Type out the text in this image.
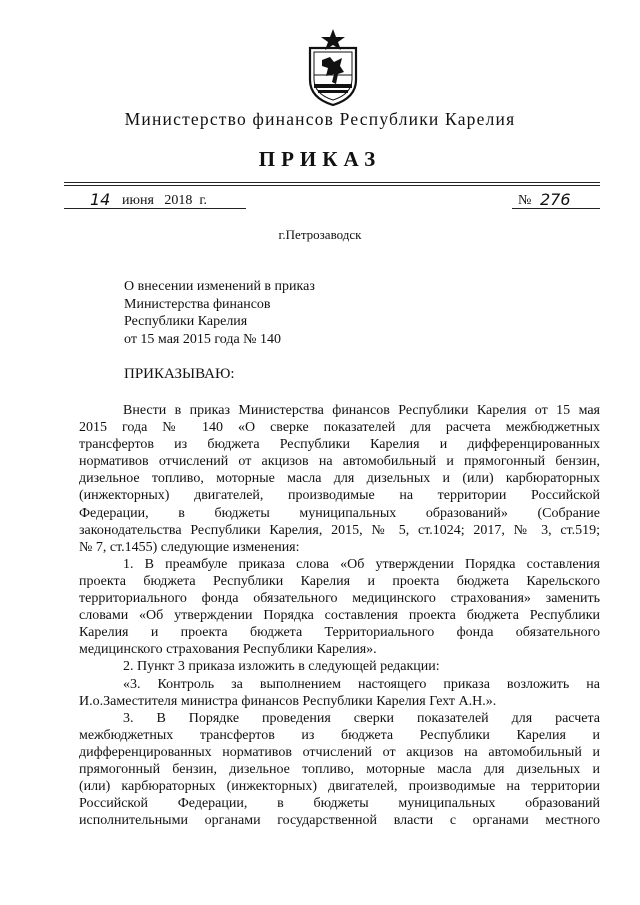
Министерство финансов Республики Карелия
ПРИКАЗ
14 июня   2018  г.	№ 276
г.Петрозаводск
О внесении изменений в приказ
Министерства финансов
Республики Карелия
от 15 мая 2015 года № 140
ПРИКАЗЫВАЮ:

Внести в приказ Министерства финансов Республики Карелия от 15 мая

2015 года № 140 «О сверке показателей для расчета межбюджетных

трансфертов из бюджета Республики Карелия и дифференцированных

нормативов отчислений от акцизов на автомобильный и прямогонный бензин,

дизельное топливо, моторные масла для дизельных и (или) карбюраторных

(инжекторных) двигателей, производимые на территории Российской

Федерации, в бюджеты муниципальных образований» (Собрание

законодательства Республики Карелия, 2015, № 5, ст.1024; 2017, № 3, ст.519;

№ 7, ст.1455) следующие изменения:

1. В преамбуле приказа слова «Об утверждении Порядка составления

проекта бюджета Республики Карелия и проекта бюджета Карельского

территориального фонда обязательного медицинского страхования» заменить

словами «Об утверждении Порядка составления проекта бюджета Республики

Карелия и проекта бюджета Территориального фонда обязательного

медицинского страхования Республики Карелия».

2. Пункт 3 приказа изложить в следующей редакции:

«3. Контроль за выполнением настоящего приказа возложить на

И.о.Заместителя министра финансов Республики Карелия Гехт А.Н.».

3. В Порядке проведения сверки показателей для расчета

межбюджетных трансфертов из бюджета Республики Карелия и

дифференцированных нормативов отчислений от акцизов на автомобильный и

прямогонный бензин, дизельное топливо, моторные масла для дизельных и

(или) карбюраторных (инжекторных) двигателей, производимые на территории

Российской Федерации, в бюджеты муниципальных образований

исполнительными органами государственной власти с органами местного
